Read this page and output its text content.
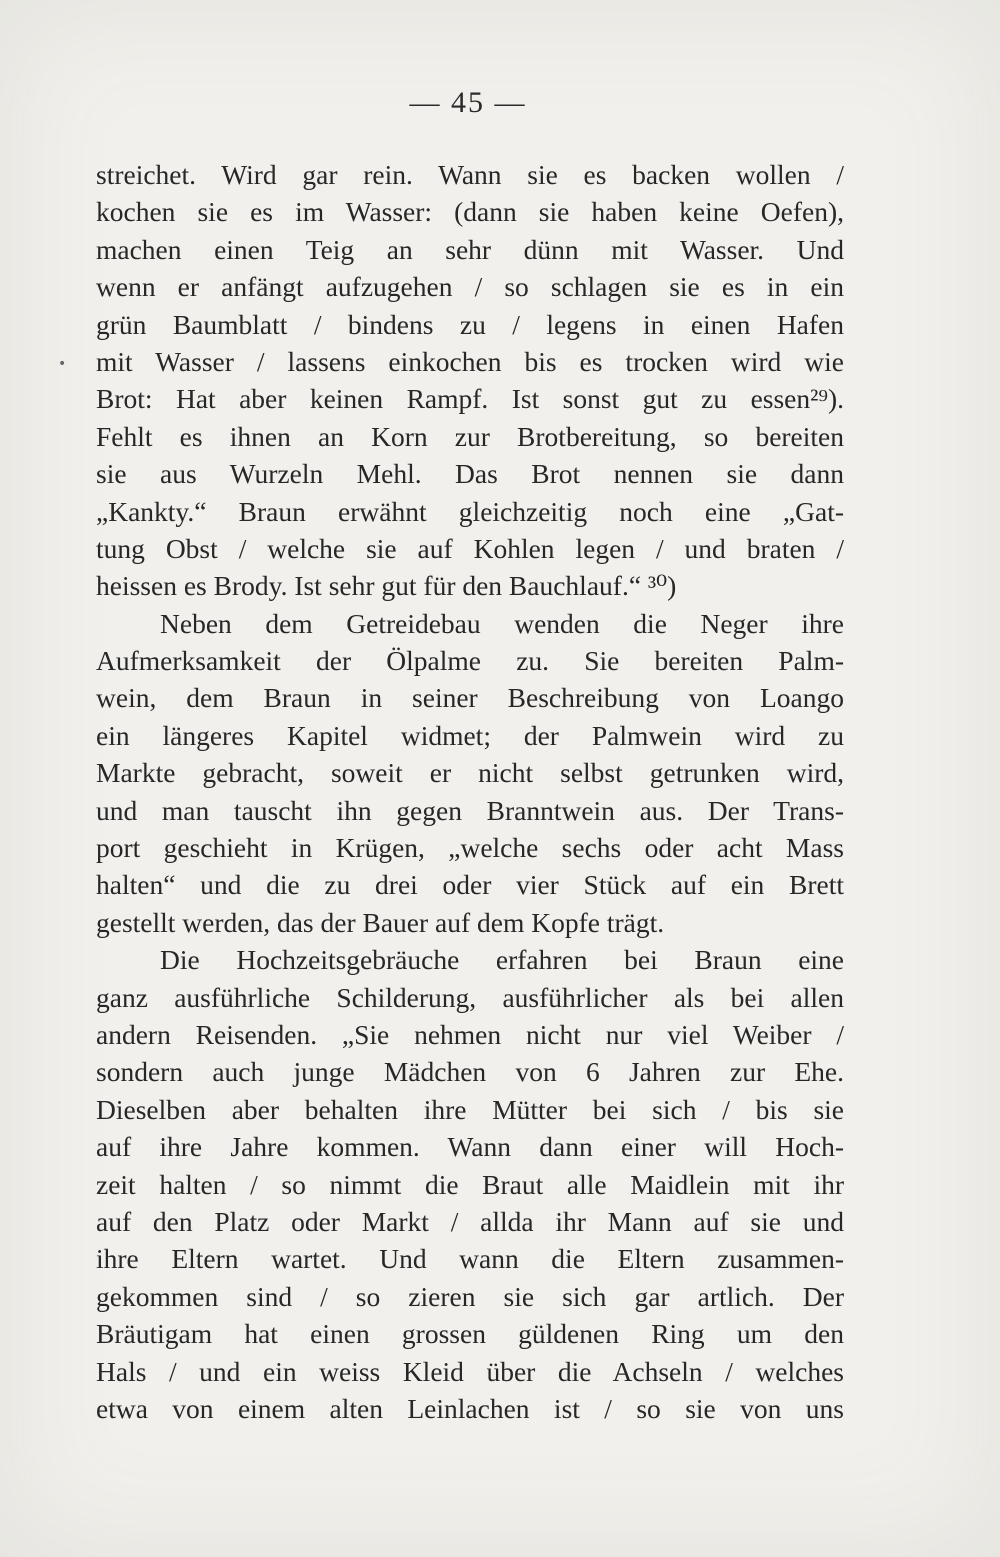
— 45 —
•
streichet. Wird gar rein. Wann sie es backen wollen /
kochen sie es im Wasser: (dann sie haben keine Oefen),
machen einen Teig an sehr dünn mit Wasser. Und
wenn er anfängt aufzugehen / so schlagen sie es in ein
grün Baumblatt / bindens zu / legens in einen Hafen
mit Wasser / lassens einkochen bis es trocken wird wie
Brot: Hat aber keinen Rampf. Ist sonst gut zu essen²⁹).
Fehlt es ihnen an Korn zur Brotbereitung, so bereiten
sie aus Wurzeln Mehl. Das Brot nennen sie dann
„Kankty.“ Braun erwähnt gleichzeitig noch eine „Gat-
tung Obst / welche sie auf Kohlen legen / und braten /
heissen es Brody. Ist sehr gut für den Bauchlauf.“ ³⁰)
Neben dem Getreidebau wenden die Neger ihre
Aufmerksamkeit der Ölpalme zu. Sie bereiten Palm-
wein, dem Braun in seiner Beschreibung von Loango
ein längeres Kapitel widmet; der Palmwein wird zu
Markte gebracht, soweit er nicht selbst getrunken wird,
und man tauscht ihn gegen Branntwein aus. Der Trans-
port geschieht in Krügen, „welche sechs oder acht Mass
halten“ und die zu drei oder vier Stück auf ein Brett
gestellt werden, das der Bauer auf dem Kopfe trägt.
Die Hochzeitsgebräuche erfahren bei Braun eine
ganz ausführliche Schilderung, ausführlicher als bei allen
andern Reisenden. „Sie nehmen nicht nur viel Weiber /
sondern auch junge Mädchen von 6 Jahren zur Ehe.
Dieselben aber behalten ihre Mütter bei sich / bis sie
auf ihre Jahre kommen. Wann dann einer will Hoch-
zeit halten / so nimmt die Braut alle Maidlein mit ihr
auf den Platz oder Markt / allda ihr Mann auf sie und
ihre Eltern wartet. Und wann die Eltern zusammen-
gekommen sind / so zieren sie sich gar artlich. Der
Bräutigam hat einen grossen güldenen Ring um den
Hals / und ein weiss Kleid über die Achseln / welches
etwa von einem alten Leinlachen ist / so sie von uns
